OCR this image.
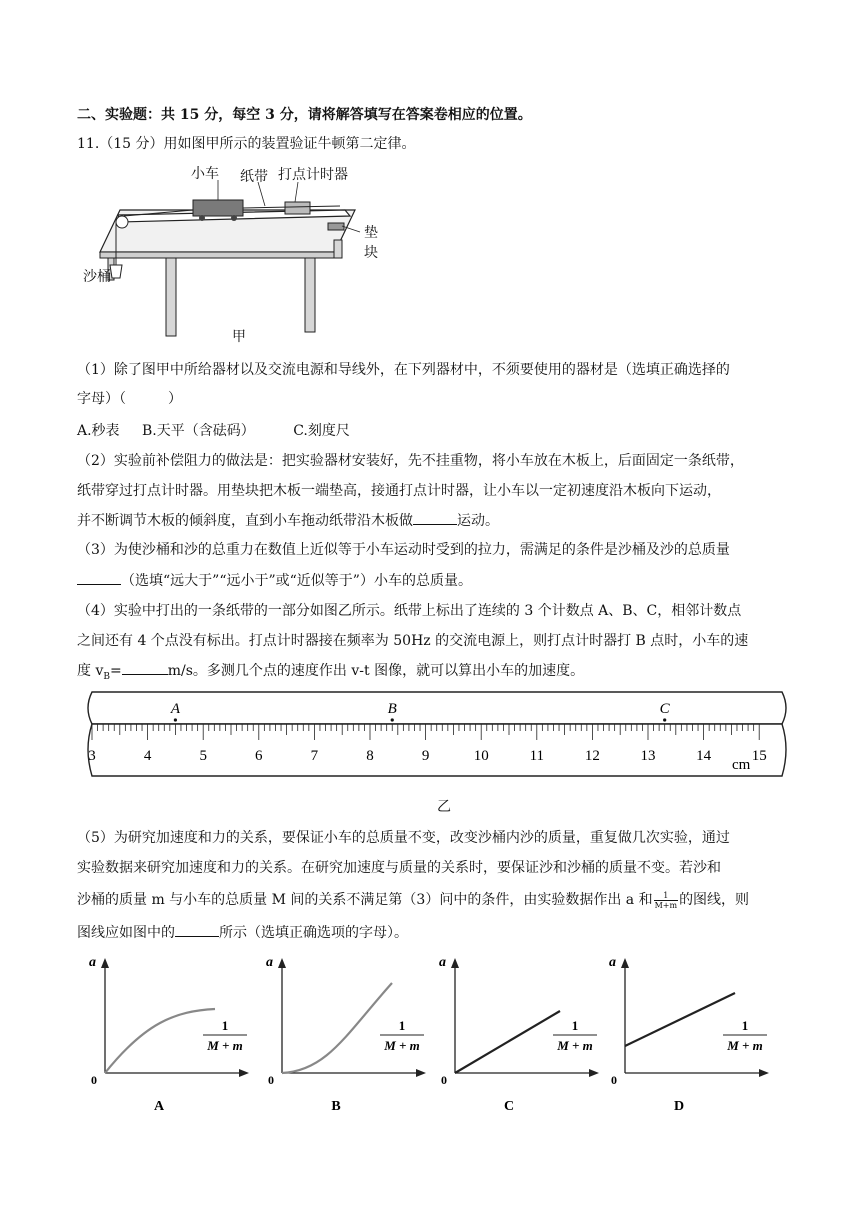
二、实验题：共 15 分，每空 3 分，请将解答填写在答案卷相应的位置。
11.（15 分）用如图甲所示的装置验证牛顿第二定律。
小车 纸带 打点计时器
垫块
沙桶
甲
（1）除了图甲中所给器材以及交流电源和导线外，在下列器材中，不须要使用的器材是（选填正确选择的
字母）（　　　）
A.秒表 B.天平（含砝码）	C.刻度尺
（2）实验前补偿阻力的做法是：把实验器材安装好，先不挂重物，将小车放在木板上，后面固定一条纸带，
纸带穿过打点计时器。用垫块把木板一端垫高，接通打点计时器，让小车以一定初速度沿木板向下运动，
并不断调节木板的倾斜度，直到小车拖动纸带沿木板做	运动。
（3）为使沙桶和沙的总重力在数值上近似等于小车运动时受到的拉力，需满足的条件是沙桶及沙的总质量
（选填“远大于”“远小于”或“近似等于”）小车的总质量。
（4）实验中打出的一条纸带的一部分如图乙所示。纸带上标出了连续的 3 个计数点 A、B、C，相邻计数点
之间还有 4 个点没有标出。打点计时器接在频率为 50Hz 的交流电源上，则打点计时器打 B 点时，小车的速
度 $v_B=$	m/s。多测几个点的速度作出 v-t 图像，就可以算出小车的加速度。
3	4	5	6	7	8	9	10	11	12	13	14	15
A	B	C
cm
乙
（5）为研究加速度和力的关系，要保证小车的总质量不变，改变沙桶内沙的质量，重复做几次实验，通过
实验数据来研究加速度和力的关系。在研究加速度与质量的关系时，要保证沙和沙桶的质量不变。若沙和
沙桶的质量 m 与小车的总质量 M 间的关系不满足第（3）问中的条件，由实验数据作出 a 和 $\frac{1}{M+m}$ 的图线，则
图线应如图中的	所示（选填正确选项的字母）。
a
0
1
M + m
A
a
0
1
M + m
B
a
0
1
M + m
C
a
0
1
M + m
D
